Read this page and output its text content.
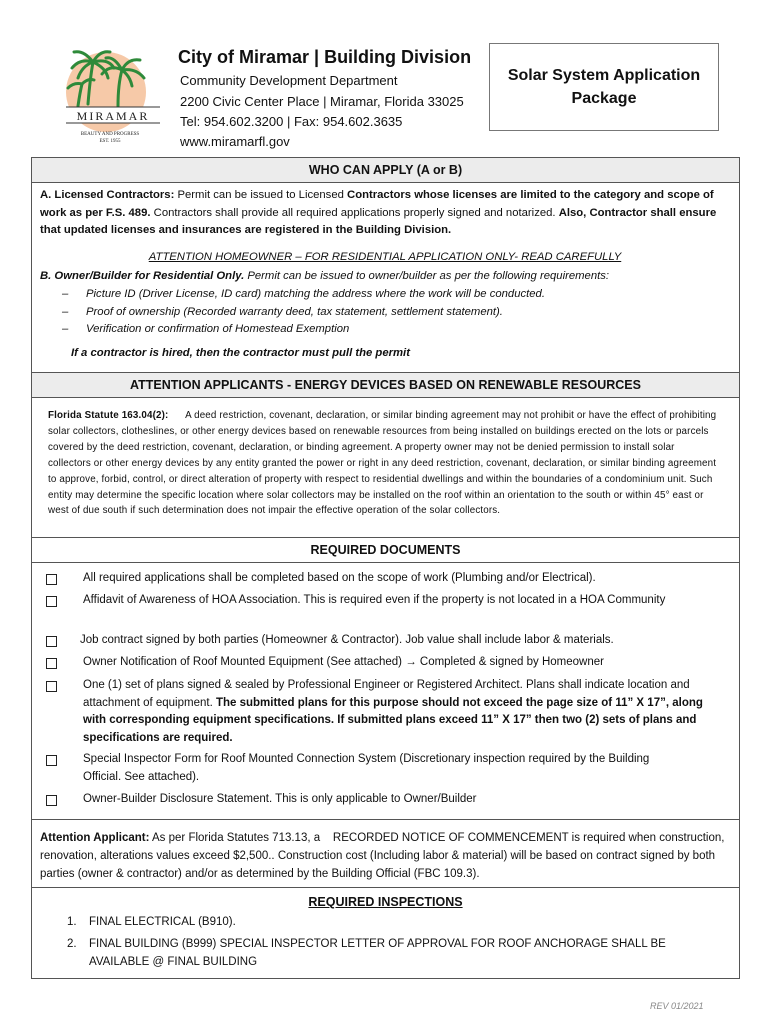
MIRAMAR
BEAUTY AND PROGRESS
EST. 1955
City of Miramar | Building Division
Community Development Department
2200 Civic Center Place | Miramar, Florida 33025
Tel: 954.602.3200 | Fax: 954.602.3635
www.miramarfl.gov
Solar System Application
Package
WHO CAN APPLY (A or B)
A. Licensed Contractors: Permit can be issued to Licensed Contractors whose licenses are limited to the category and scope of work as per F.S. 489. Contractors shall provide all required applications properly signed and notarized. Also, Contractor shall ensure that updated licenses and insurances are registered in the Building Division.
ATTENTION HOMEOWNER – FOR RESIDENTIAL APPLICATION ONLY- READ CAREFULLY
B. Owner/Builder for Residential Only. Permit can be issued to owner/builder as per the following requirements:
– Picture ID (Driver License, ID card) matching the address where the work will be conducted.
– Proof of ownership (Recorded warranty deed, tax statement, settlement statement).
– Verification or confirmation of Homestead Exemption
If a contractor is hired, then the contractor must pull the permit
ATTENTION APPLICANTS - ENERGY DEVICES BASED ON RENEWABLE RESOURCES
Florida Statute 163.04(2):      A deed restriction, covenant, declaration, or similar binding agreement may not prohibit or have the effect of prohibiting solar collectors, clotheslines, or other energy devices based on renewable resources from being installed on buildings erected on the lots or parcels covered by the deed restriction, covenant, declaration, or binding agreement. A property owner may not be denied permission to install solar collectors or other energy devices by any entity granted the power or right in any deed restriction, covenant, declaration, or similar binding agreement to approve, forbid, control, or direct alteration of property with respect to residential dwellings and within the boundaries of a condominium unit. Such entity may determine the specific location where solar collectors may be installed on the roof within an orientation to the south or within 45° east or west of due south if such determination does not impair the effective operation of the solar collectors.
REQUIRED DOCUMENTS
All required applications shall be completed based on the scope of work (Plumbing and/or Electrical).
Affidavit of Awareness of HOA Association. This is required even if the property is not located in a HOA Community
Job contract signed by both parties (Homeowner & Contractor). Job value shall include labor & materials.
Owner Notification of Roof Mounted Equipment (See attached) → Completed & signed by Homeowner
One (1) set of plans signed & sealed by Professional Engineer or Registered Architect. Plans shall indicate location and attachment of equipment. The submitted plans for this purpose should not exceed the page size of 11” X 17”, along with corresponding equipment specifications. If submitted plans exceed 11” X 17” then two (2) sets of plans and specifications are required.
Special Inspector Form for Roof Mounted Connection System (Discretionary inspection required by the Building Official. See attached).
Owner-Builder Disclosure Statement. This is only applicable to Owner/Builder
Attention Applicant: As per Florida Statutes 713.13, a    RECORDED NOTICE OF COMMENCEMENT is required when construction, renovation, alterations values exceed $2,500.. Construction cost (Including labor & material) will be based on contract signed by both parties (owner & contractor) and/or as determined by the Building Official (FBC 109.3).
REQUIRED INSPECTIONS
1. FINAL ELECTRICAL (B910).
2.	FINAL BUILDING (B999) SPECIAL INSPECTOR LETTER OF APPROVAL FOR ROOF ANCHORAGE SHALL BE AVAILABLE @ FINAL BUILDING
REV 01/2021
